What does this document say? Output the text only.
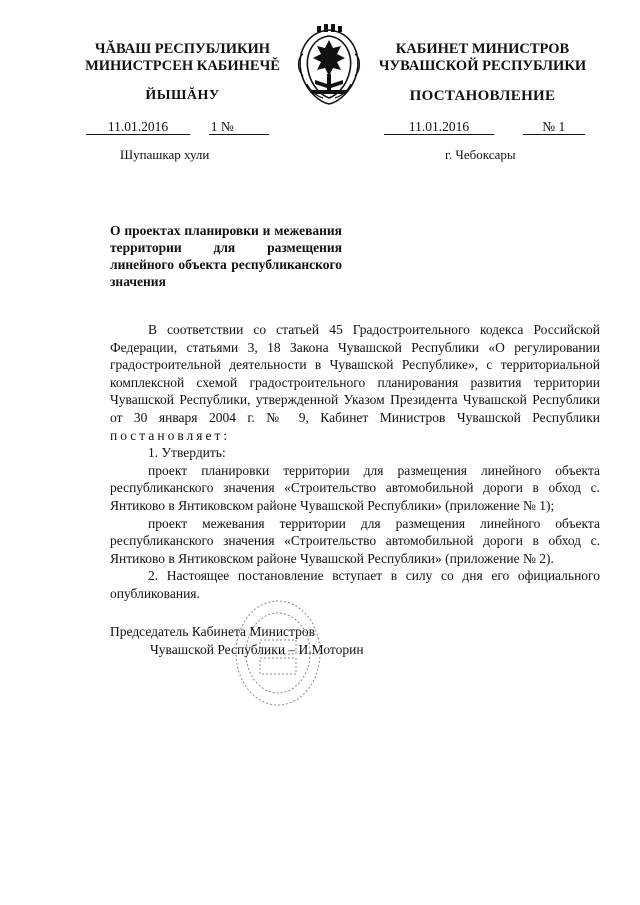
ЧĂВАШ РЕСПУБЛИКИН
МИНИСТРСЕН КАБИНЕЧĚ
ЙЫШĂНУ
КАБИНЕТ МИНИСТРОВ
ЧУВАШСКОЙ РЕСПУБЛИКИ
ПОСТАНОВЛЕНИЕ
11.01.2016	1 №	11.01.2016	№ 1
Шупашкар хули	г. Чебоксары
О проектах планировки и межевания территории для размещения линейного объекта республиканского значения

В соответствии со статьей 45 Градостроительного кодекса Российской Федерации, статьями 3, 18 Закона Чувашской Республики «О регулировании градостроительной деятельности в Чувашской Республике», с территориальной комплексной схемой градостроительного планирования развития территории Чувашской Республики, утвержденной Указом Президента Чувашской Республики от 30 января 2004 г. № 9, Кабинет Министров Чувашской Республики постановляет:

1. Утвердить:

проект планировки территории для размещения линейного объекта республиканского значения «Строительство автомобильной дороги в обход с. Янтиково в Янтиковском районе Чувашской Республики» (приложение № 1);

проект межевания территории для размещения линейного объекта республиканского значения «Строительство автомобильной дороги в обход с. Янтиково в Янтиковском районе Чувашской Республики» (приложение № 2).

2. Настоящее постановление вступает в силу со дня его официального опубликования.

Председатель Кабинета Министров
Чувашской Республики – И.Моторин
